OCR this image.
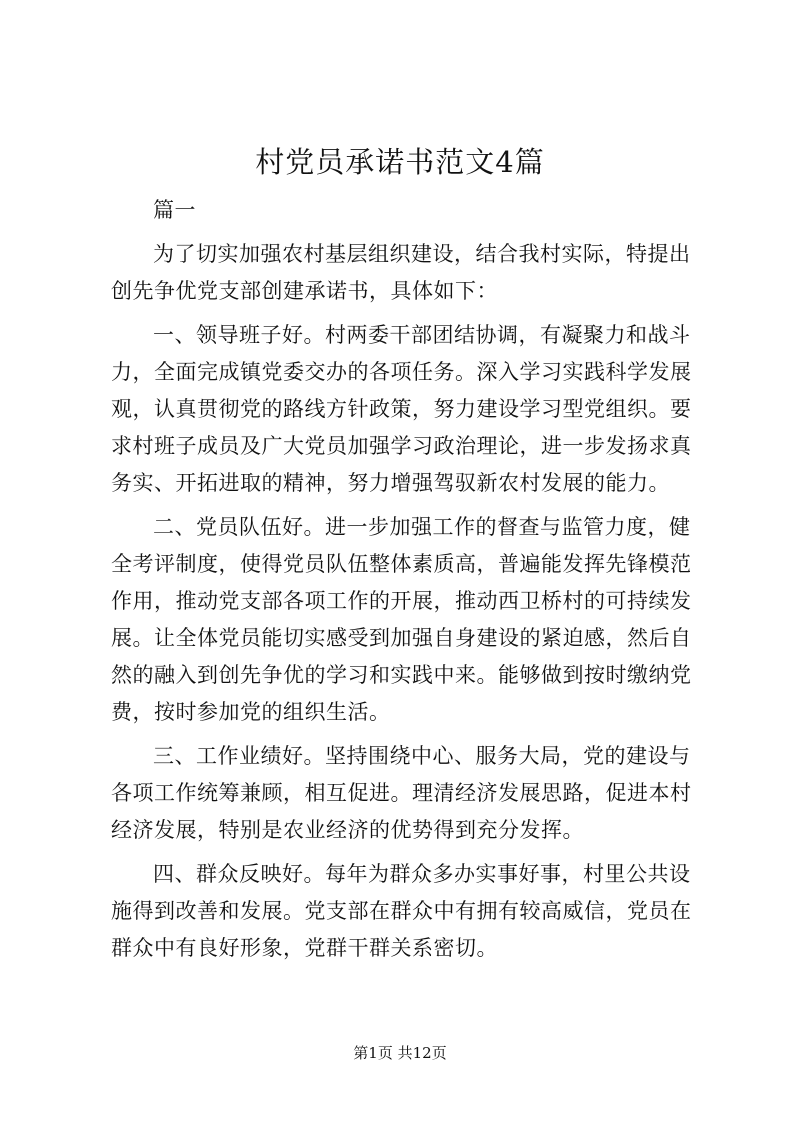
村党员承诺书范文4篇

篇一

为了切实加强农村基层组织建设，结合我村实际，特提出创先争优党支部创建承诺书，具体如下：

一、领导班子好。村两委干部团结协调，有凝聚力和战斗力，全面完成镇党委交办的各项任务。深入学习实践科学发展观，认真贯彻党的路线方针政策，努力建设学习型党组织。要求村班子成员及广大党员加强学习政治理论，进一步发扬求真务实、开拓进取的精神，努力增强驾驭新农村发展的能力。

二、党员队伍好。进一步加强工作的督查与监管力度，健全考评制度，使得党员队伍整体素质高，普遍能发挥先锋模范作用，推动党支部各项工作的开展，推动西卫桥村的可持续发展。让全体党员能切实感受到加强自身建设的紧迫感，然后自然的融入到创先争优的学习和实践中来。能够做到按时缴纳党费，按时参加党的组织生活。

三、工作业绩好。坚持围绕中心、服务大局，党的建设与各项工作统筹兼顾，相互促进。理清经济发展思路，促进本村经济发展，特别是农业经济的优势得到充分发挥。

四、群众反映好。每年为群众多办实事好事，村里公共设施得到改善和发展。党支部在群众中有拥有较高威信，党员在群众中有良好形象，党群干群关系密切。

第1页 共12页
